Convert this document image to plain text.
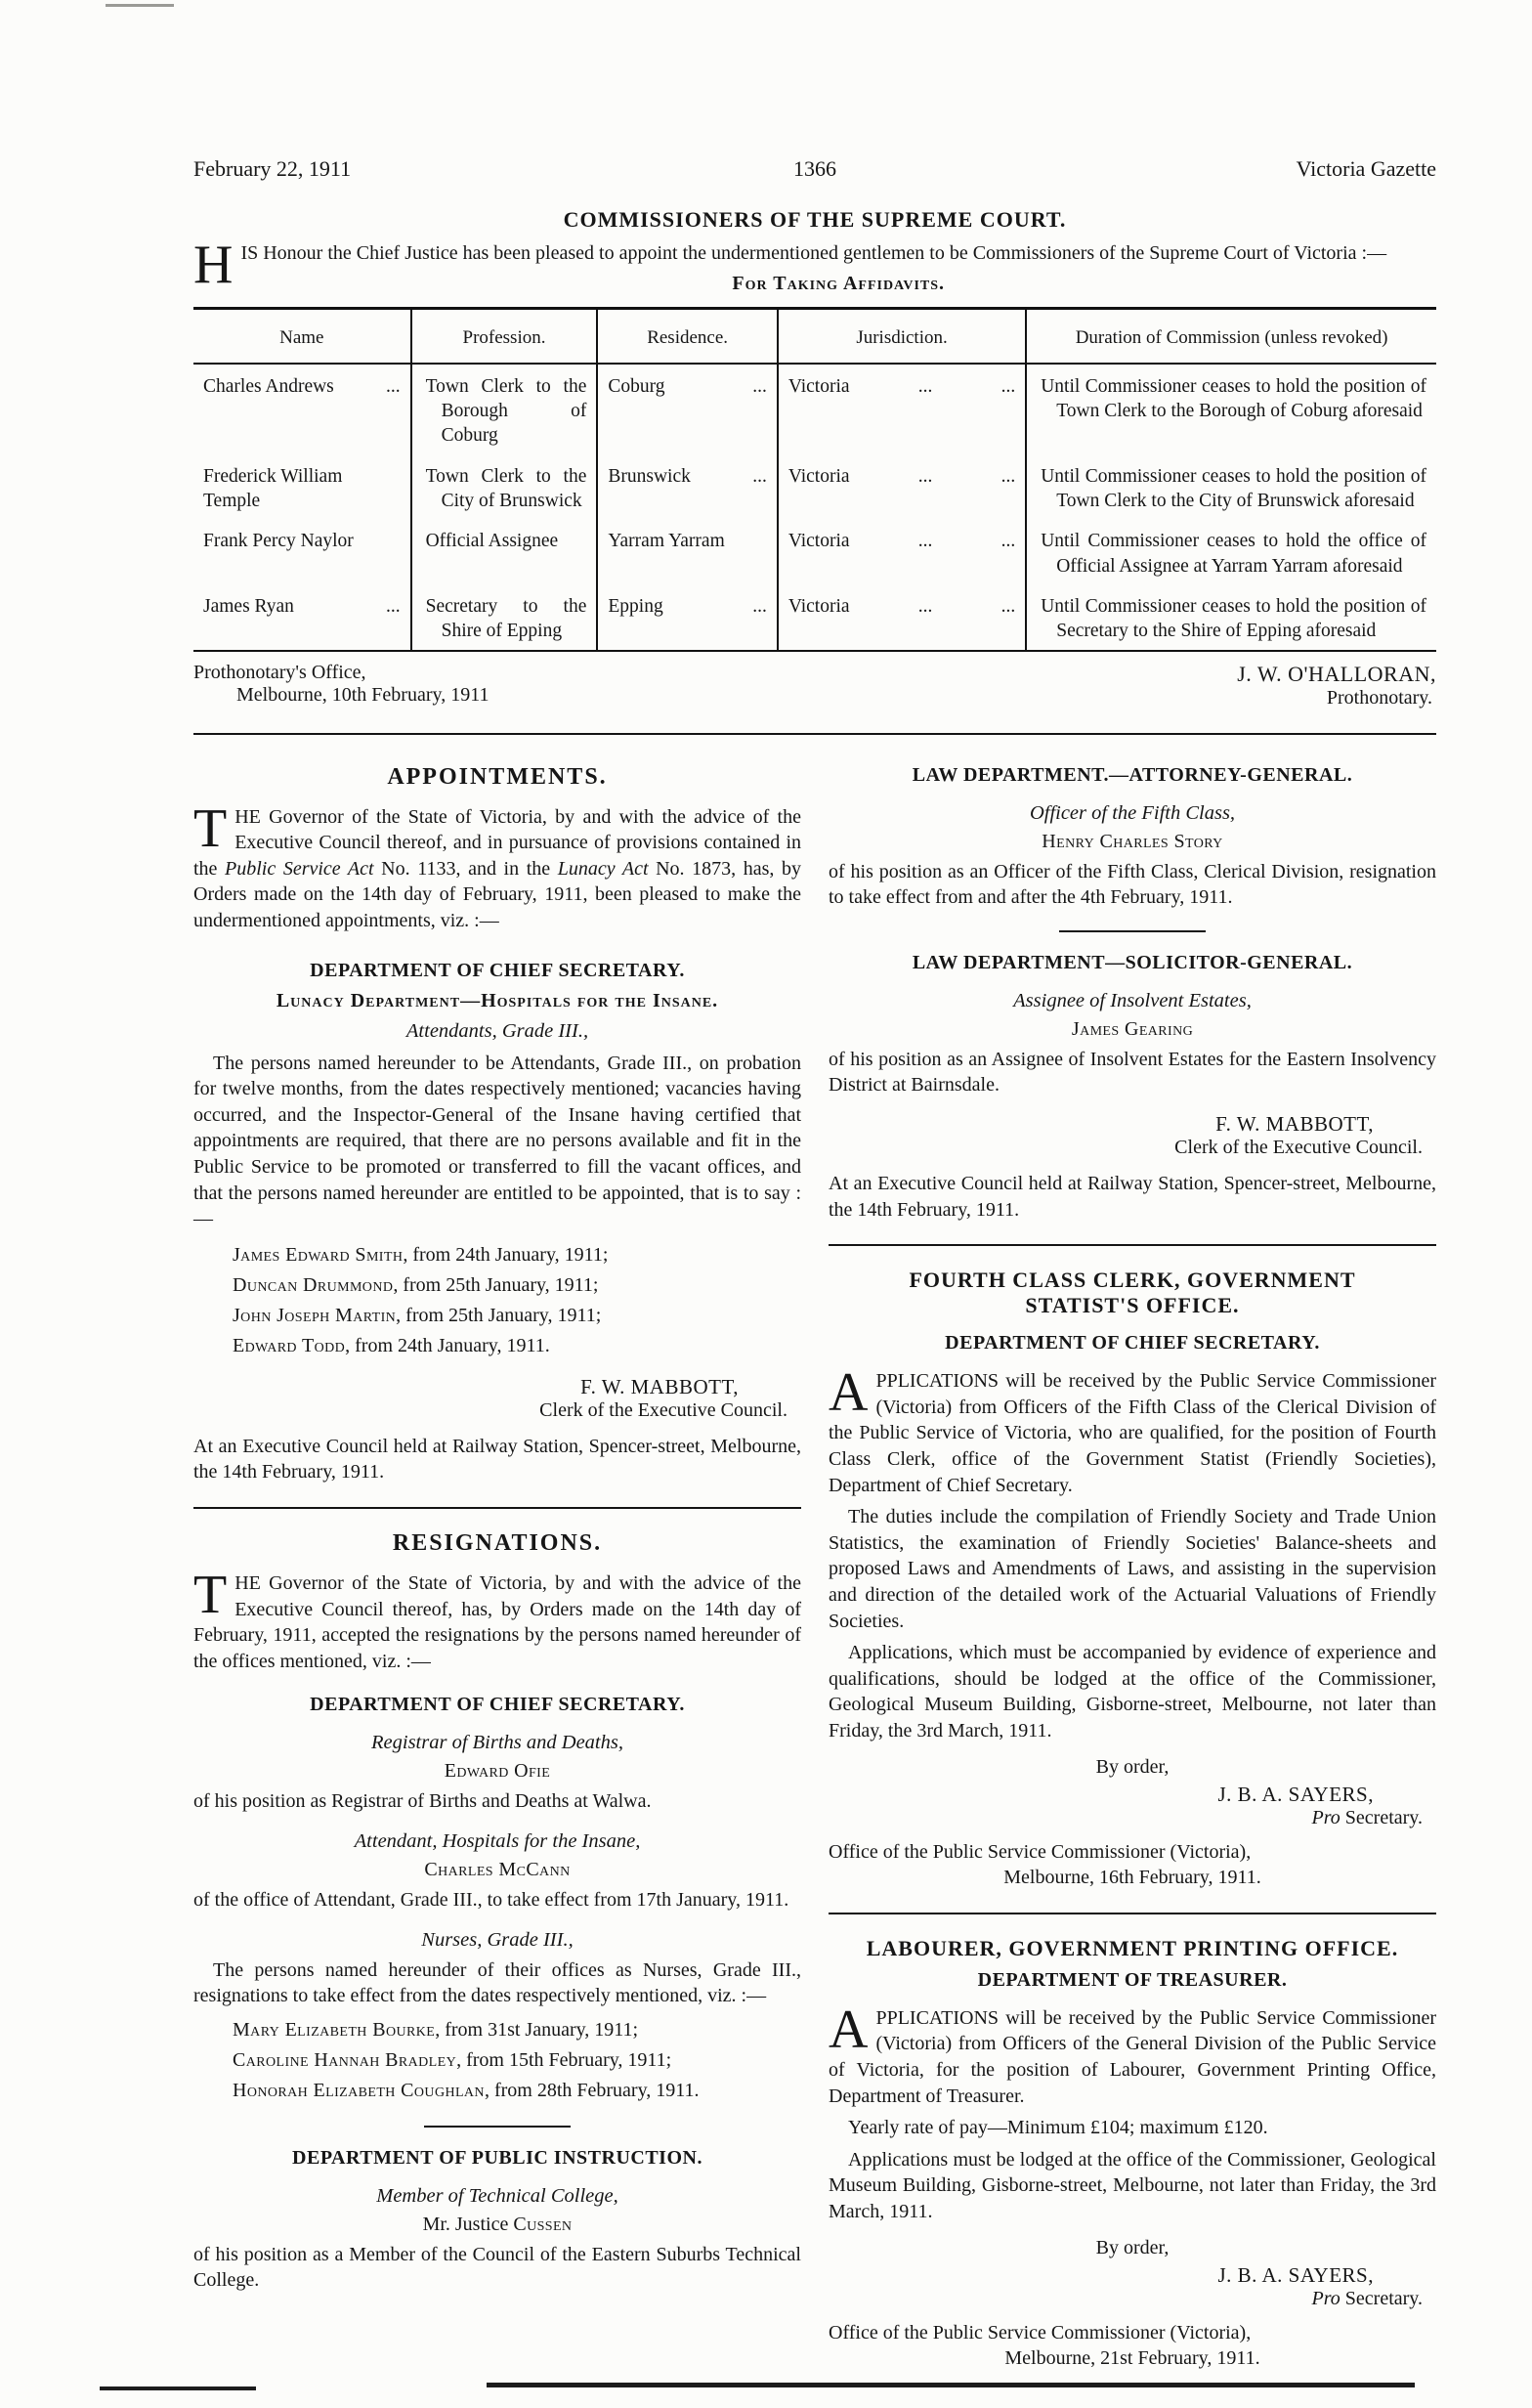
February 22, 1911	1366	Victoria Gazette
COMMISSIONERS OF THE SUPREME COURT.

HIS Honour the Chief Justice has been pleased to appoint the undermentioned gentlemen to be Commissioners of the Supreme Court of Victoria :—

For Taking Affidavits.
Name	Profession.	Residence.	Jurisdiction.	Duration of Commission (unless revoked)

Charles Andrews ...	Town Clerk to the Borough of Coburg	Coburg ...	Victoria ... ...	Until Commissioner ceases to hold the position of Town Clerk to the Borough of Coburg aforesaid

Frederick William Temple	Town Clerk to the City of Brunswick	Brunswick ...	Victoria ... ...	Until Commissioner ceases to hold the position of Town Clerk to the City of Brunswick aforesaid

Frank Percy Naylor	Official Assignee	Yarram Yarram	Victoria ... ...	Until Commissioner ceases to hold the office of Official Assignee at Yarram Yarram aforesaid

James Ryan ...	Secretary to the Shire of Epping	Epping ...	Victoria ... ...	Until Commissioner ceases to hold the position of Secretary to the Shire of Epping aforesaid
Prothonotary's Office,
Melbourne, 10th February, 1911
J. W. O'HALLORAN,
Prothonotary.
APPOINTMENTS.

THE Governor of the State of Victoria, by and with the advice of the Executive Council thereof, and in pursuance of provisions contained in the Public Service Act No. 1133, and in the Lunacy Act No. 1873, has, by Orders made on the 14th day of February, 1911, been pleased to make the undermentioned appointments, viz. :—

DEPARTMENT OF CHIEF SECRETARY.
Lunacy Department—Hospitals for the Insane.
Attendants, Grade III.,

The persons named hereunder to be Attendants, Grade III., on probation for twelve months, from the dates respectively mentioned; vacancies having occurred, and the Inspector-General of the Insane having certified that appointments are required, that there are no persons available and fit in the Public Service to be promoted or transferred to fill the vacant offices, and that the persons named hereunder are entitled to be appointed, that is to say :—

James Edward Smith, from 24th January, 1911;
Duncan Drummond, from 25th January, 1911;
John Joseph Martin, from 25th January, 1911;
Edward Todd, from 24th January, 1911.
F. W. MABBOTT,
Clerk of the Executive Council.

At an Executive Council held at Railway Station, Spencer-street, Melbourne, the 14th February, 1911.

RESIGNATIONS.

THE Governor of the State of Victoria, by and with the advice of the Executive Council thereof, has, by Orders made on the 14th day of February, 1911, accepted the resignations by the persons named hereunder of the offices mentioned, viz. :—

DEPARTMENT OF CHIEF SECRETARY.
Registrar of Births and Deaths,
Edward Ofie

of his position as Registrar of Births and Deaths at Walwa.

Attendant, Hospitals for the Insane,
Charles McCann

of the office of Attendant, Grade III., to take effect from 17th January, 1911.

Nurses, Grade III.,

The persons named hereunder of their offices as Nurses, Grade III., resignations to take effect from the dates respectively mentioned, viz. :—

Mary Elizabeth Bourke, from 31st January, 1911;
Caroline Hannah Bradley, from 15th February, 1911;
Honorah Elizabeth Coughlan, from 28th February, 1911.
DEPARTMENT OF PUBLIC INSTRUCTION.
Member of Technical College,
Mr. Justice Cussen

of his position as a Member of the Council of the Eastern Suburbs Technical College.

LAW DEPARTMENT.—ATTORNEY-GENERAL.
Officer of the Fifth Class,
Henry Charles Story

of his position as an Officer of the Fifth Class, Clerical Division, resignation to take effect from and after the 4th February, 1911.

LAW DEPARTMENT—SOLICITOR-GENERAL.
Assignee of Insolvent Estates,
James Gearing

of his position as an Assignee of Insolvent Estates for the Eastern Insolvency District at Bairnsdale.

F. W. MABBOTT,
Clerk of the Executive Council.

At an Executive Council held at Railway Station, Spencer-street, Melbourne, the 14th February, 1911.

FOURTH CLASS CLERK, GOVERNMENT
STATIST'S OFFICE.
DEPARTMENT OF CHIEF SECRETARY.

APPLICATIONS will be received by the Public Service Commissioner (Victoria) from Officers of the Fifth Class of the Clerical Division of the Public Service of Victoria, who are qualified, for the position of Fourth Class Clerk, office of the Government Statist (Friendly Societies), Department of Chief Secretary.

The duties include the compilation of Friendly Society and Trade Union Statistics, the examination of Friendly Societies' Balance-sheets and proposed Laws and Amendments of Laws, and assisting in the supervision and direction of the detailed work of the Actuarial Valuations of Friendly Societies.

Applications, which must be accompanied by evidence of experience and qualifications, should be lodged at the office of the Commissioner, Geological Museum Building, Gisborne-street, Melbourne, not later than Friday, the 3rd March, 1911.

By order,
J. B. A. SAYERS,
Pro Secretary.
Office of the Public Service Commissioner (Victoria),
Melbourne, 16th February, 1911.
LABOURER, GOVERNMENT PRINTING OFFICE.
DEPARTMENT OF TREASURER.

APPLICATIONS will be received by the Public Service Commissioner (Victoria) from Officers of the General Division of the Public Service of Victoria, for the position of Labourer, Government Printing Office, Department of Treasurer.

Yearly rate of pay—Minimum £104; maximum £120.

Applications must be lodged at the office of the Commissioner, Geological Museum Building, Gisborne-street, Melbourne, not later than Friday, the 3rd March, 1911.

By order,
J. B. A. SAYERS,
Pro Secretary.
Office of the Public Service Commissioner (Victoria),
Melbourne, 21st February, 1911.
